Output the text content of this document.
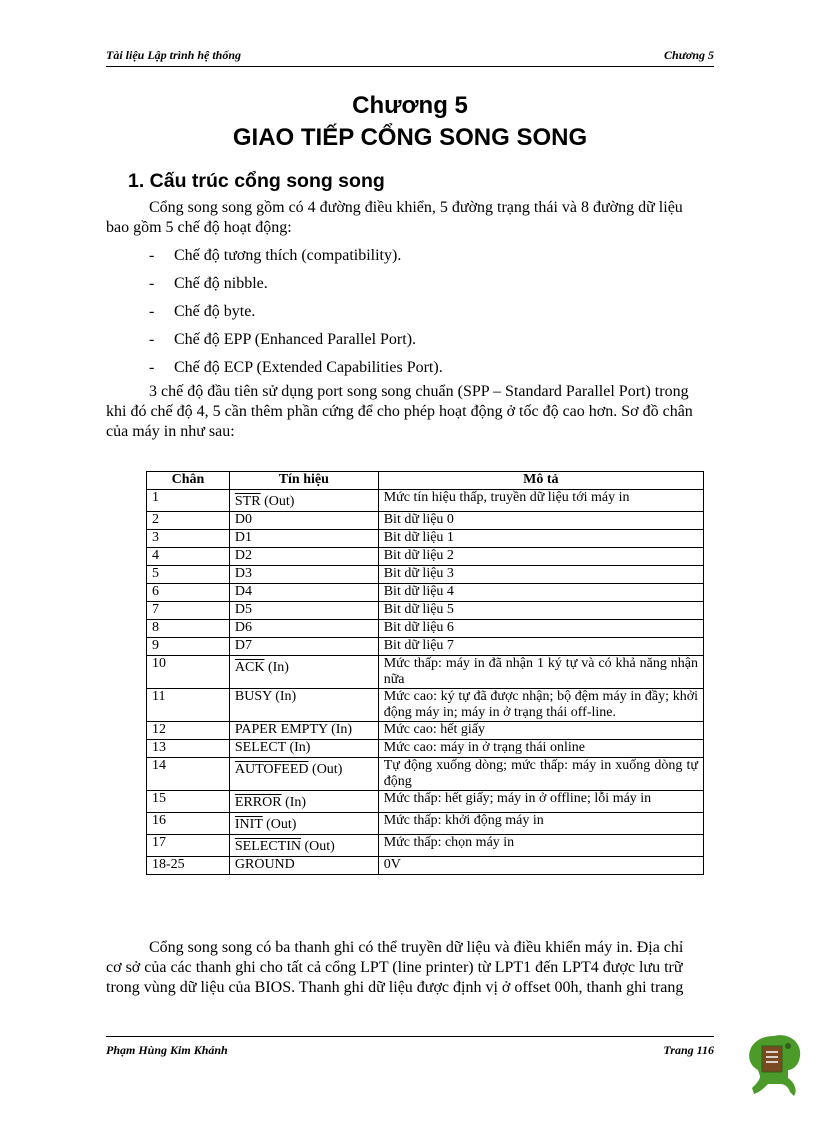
Tài liệu Lập trình hệ thống	Chương 5
Chương 5
GIAO TIẾP CỔNG SONG SONG
1. Cấu trúc cổng song song
Cổng song song gồm có 4 đường điều khiển, 5 đường trạng thái và 8 đường dữ liệu
bao gồm 5 chế độ hoạt động:
- Chế độ tương thích (compatibility).
- Chế độ nibble.
- Chế độ byte.
- Chế độ EPP (Enhanced Parallel Port).
- Chế độ ECP (Extended Capabilities Port).
3 chế độ đầu tiên sử dụng port song song chuẩn (SPP – Standard Parallel Port) trong
khi đó chế độ 4, 5 cần thêm phần cứng để cho phép hoạt động ở tốc độ cao hơn. Sơ đồ chân
của máy in như sau:
Chân	Tín hiệu	Mô tả
1	$\overline{STR}$ (Out)	Mức tín hiệu thấp, truyền dữ liệu tới máy in
2	D0	Bit dữ liệu 0
3	D1	Bit dữ liệu 1
4	D2	Bit dữ liệu 2
5	D3	Bit dữ liệu 3
6	D4	Bit dữ liệu 4
7	D5	Bit dữ liệu 5
8	D6	Bit dữ liệu 6
9	D7	Bit dữ liệu 7
10	$\overline{ACK}$ (In)	Mức thấp: máy in đã nhận 1 ký tự và có khả năng nhận nữa
11	BUSY (In)	Mức cao: ký tự đã được nhận; bộ đệm máy in đầy; khởi động máy in; máy in ở trạng thái off-line.
12	PAPER EMPTY (In)	Mức cao: hết giấy
13	SELECT (In)	Mức cao: máy in ở trạng thái online
14	AUTOFEED (Out)	Tự động xuống dòng; mức thấp: máy in xuống dòng tự động
15	ERROR (In)	Mức thấp: hết giấy; máy in ở offline; lỗi máy in
16	INIT (Out)	Mức thấp: khởi động máy in
17	SELECTIN (Out)	Mức thấp: chọn máy in
18-25	GROUND	0V
Cổng song song có ba thanh ghi có thể truyền dữ liệu và điều khiển máy in. Địa chỉ
cơ sở của các thanh ghi cho tất cả cổng LPT (line printer) từ LPT1 đến LPT4 được lưu trữ
trong vùng dữ liệu của BIOS. Thanh ghi dữ liệu được định vị ở offset 00h, thanh ghi trang
Phạm Hùng Kim Khánh	Trang 116
